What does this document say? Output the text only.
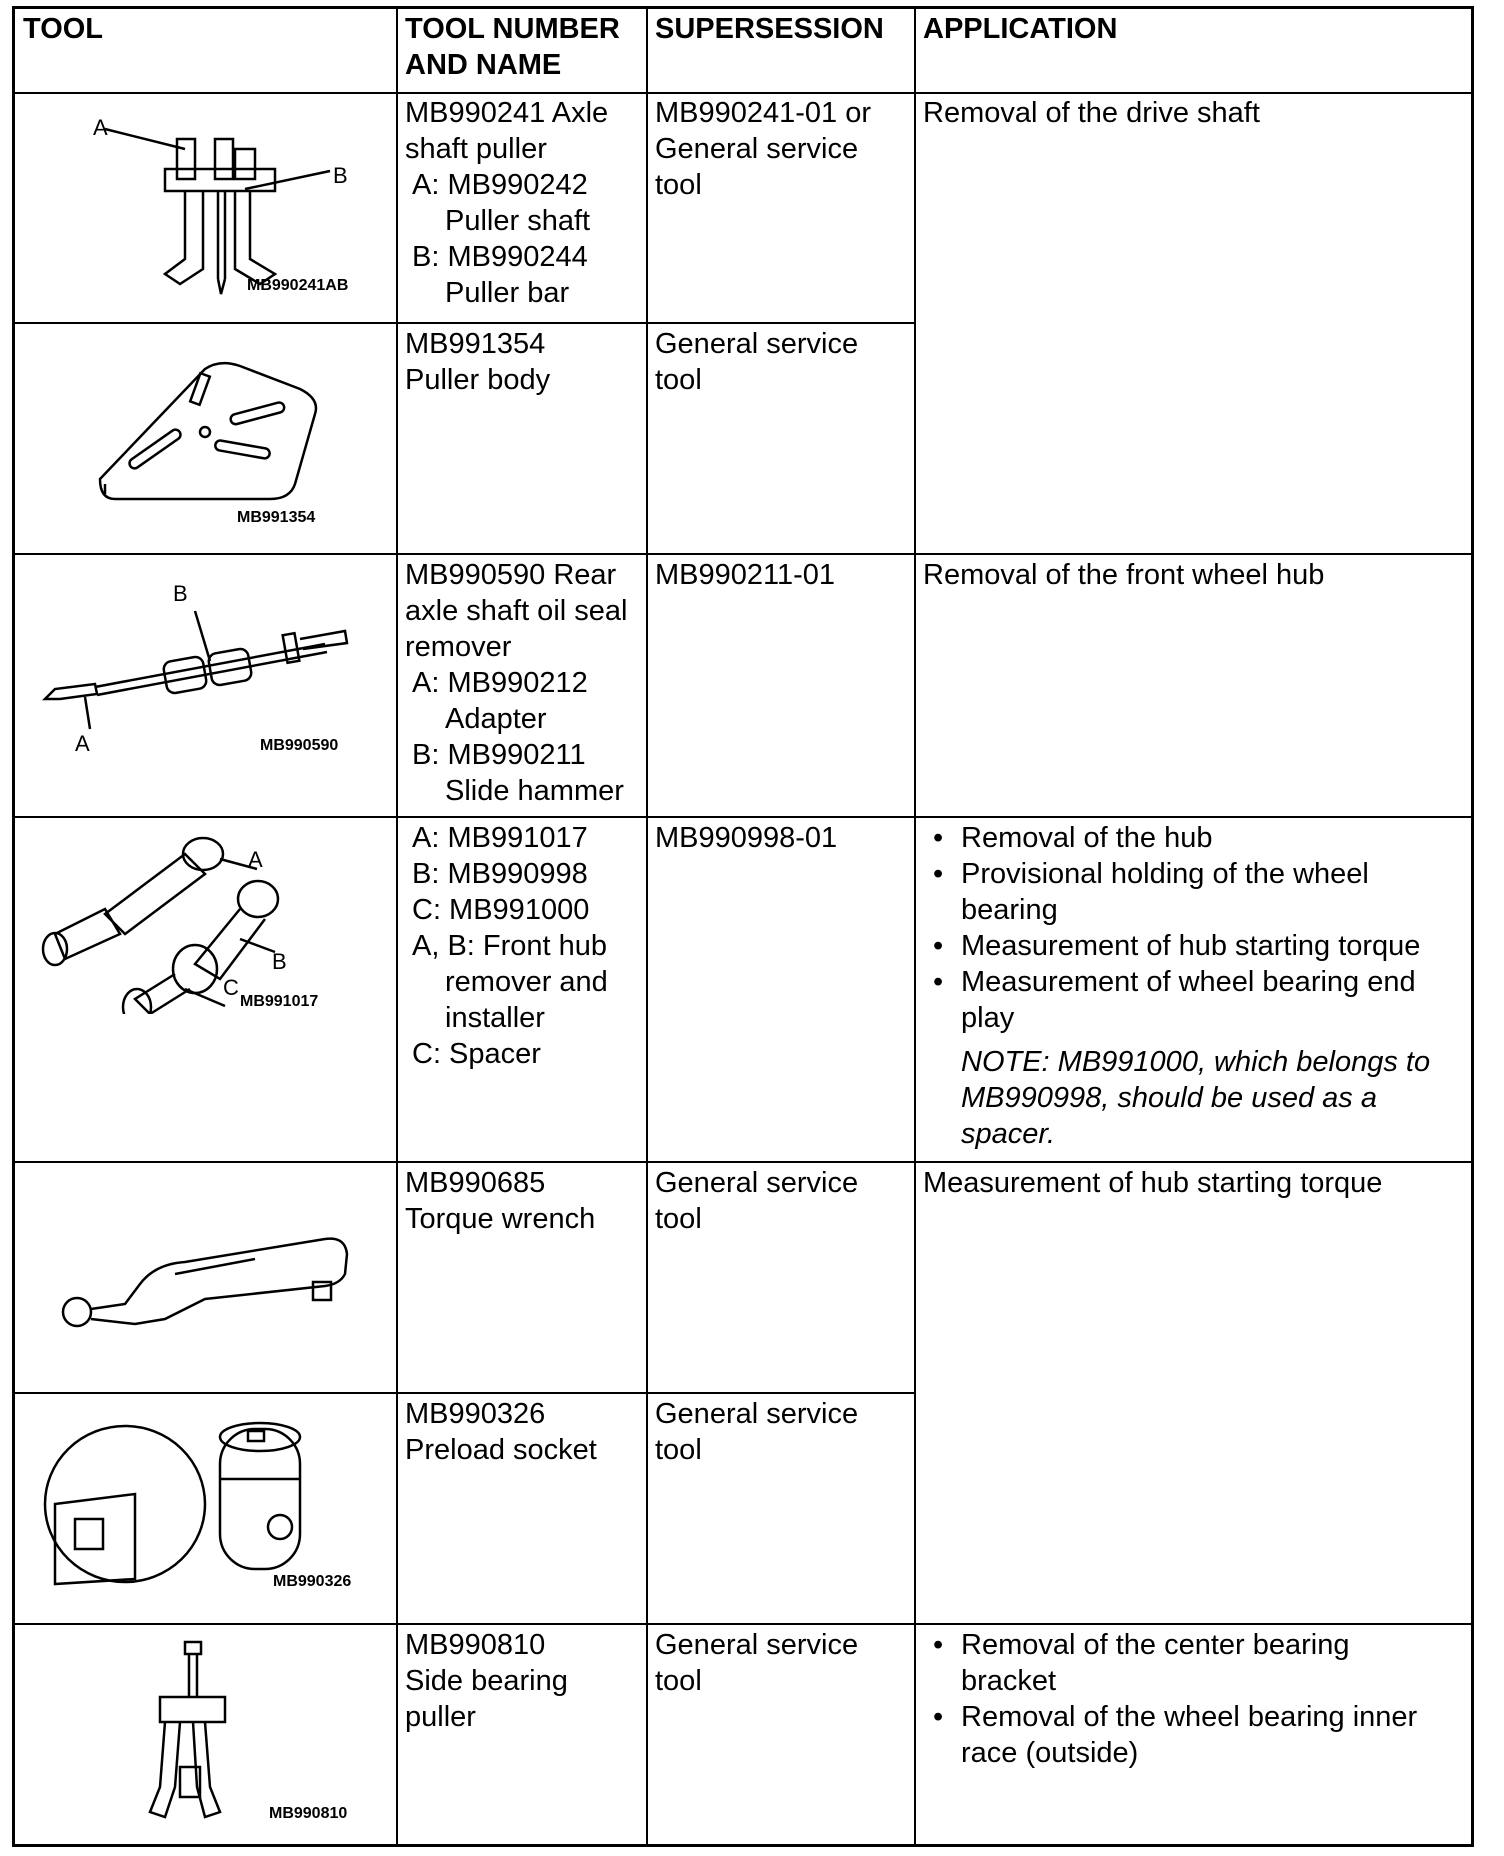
TOOL	TOOL NUMBER
AND NAME
SUPERSESSION APPLICATION
A
B
MB990241AB
MB990241 Axle
shaft puller
A: MB990242
Puller shaft
B: MB990244
Puller bar
MB990241-01 or
General service
tool
Removal of the drive shaft
MB991354
MB991354
Puller body
General service
tool
B
A	MB990590
MB990590 Rear
axle shaft oil seal
remover
A: MB990212
Adapter
B: MB990211
Slide hammer
MB990211-01	Removal of the front wheel hub
A
B
C
MB991017
A: MB991017
B: MB990998
C: MB991000
A, B: Front hub
remover and
installer
C: Spacer
MB990998-01
•	Removal of the hub
• Provisional holding of the wheel
bearing
• Measurement of hub starting torque
• Measurement of wheel bearing end
play
NOTE: MB991000, which belongs to
MB990998, should be used as a
spacer.
MB990685
Torque wrench
General service
tool
Measurement of hub starting torque
MB990326
MB990326
Preload socket
General service
tool
MB990810
MB990810
Side bearing
puller
General service
tool
• Removal of the center bearing
bracket
• Removal of the wheel bearing inner
race (outside)
